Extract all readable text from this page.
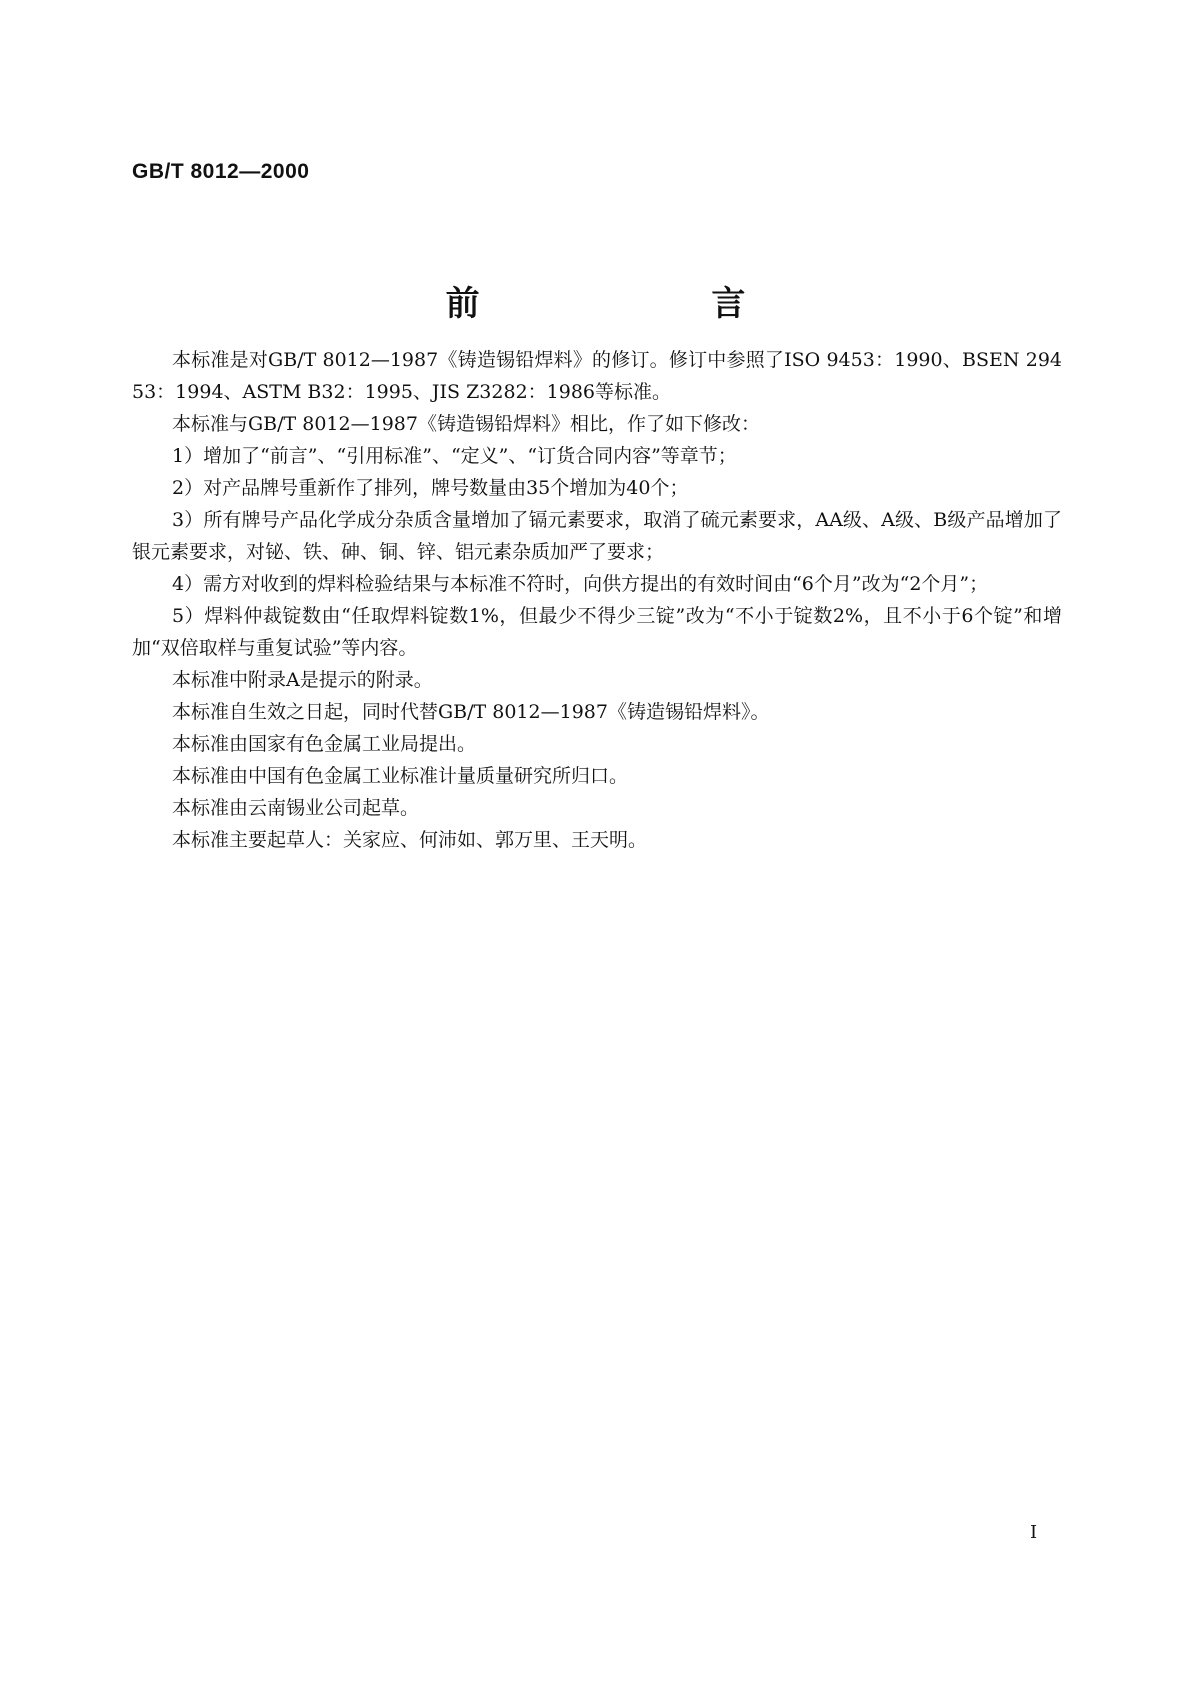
GB/T 8012—2000
前 言

本标准是对GB/T 8012—1987《铸造锡铅焊料》的修订。修订中参照了ISO 9453：1990、BSEN 29453：1994、ASTM B32：1995、JIS Z3282：1986等标准。

本标准与GB/T 8012—1987《铸造锡铅焊料》相比，作了如下修改：

1）增加了“前言”、“引用标准”、“定义”、“订货合同内容”等章节；

2）对产品牌号重新作了排列，牌号数量由35个增加为40个；

3）所有牌号产品化学成分杂质含量增加了镉元素要求，取消了硫元素要求，AA级、A级、B级产品增加了银元素要求，对铋、铁、砷、铜、锌、铝元素杂质加严了要求；

4）需方对收到的焊料检验结果与本标准不符时，向供方提出的有效时间由“6个月”改为“2个月”；

5）焊料仲裁锭数由“任取焊料锭数1%，但最少不得少三锭”改为“不小于锭数2%，且不小于6个锭”和增加“双倍取样与重复试验”等内容。

本标准中附录A是提示的附录。

本标准自生效之日起，同时代替GB/T 8012—1987《铸造锡铅焊料》。

本标准由国家有色金属工业局提出。

本标准由中国有色金属工业标准计量质量研究所归口。

本标准由云南锡业公司起草。

本标准主要起草人：关家应、何沛如、郭万里、王天明。

I
